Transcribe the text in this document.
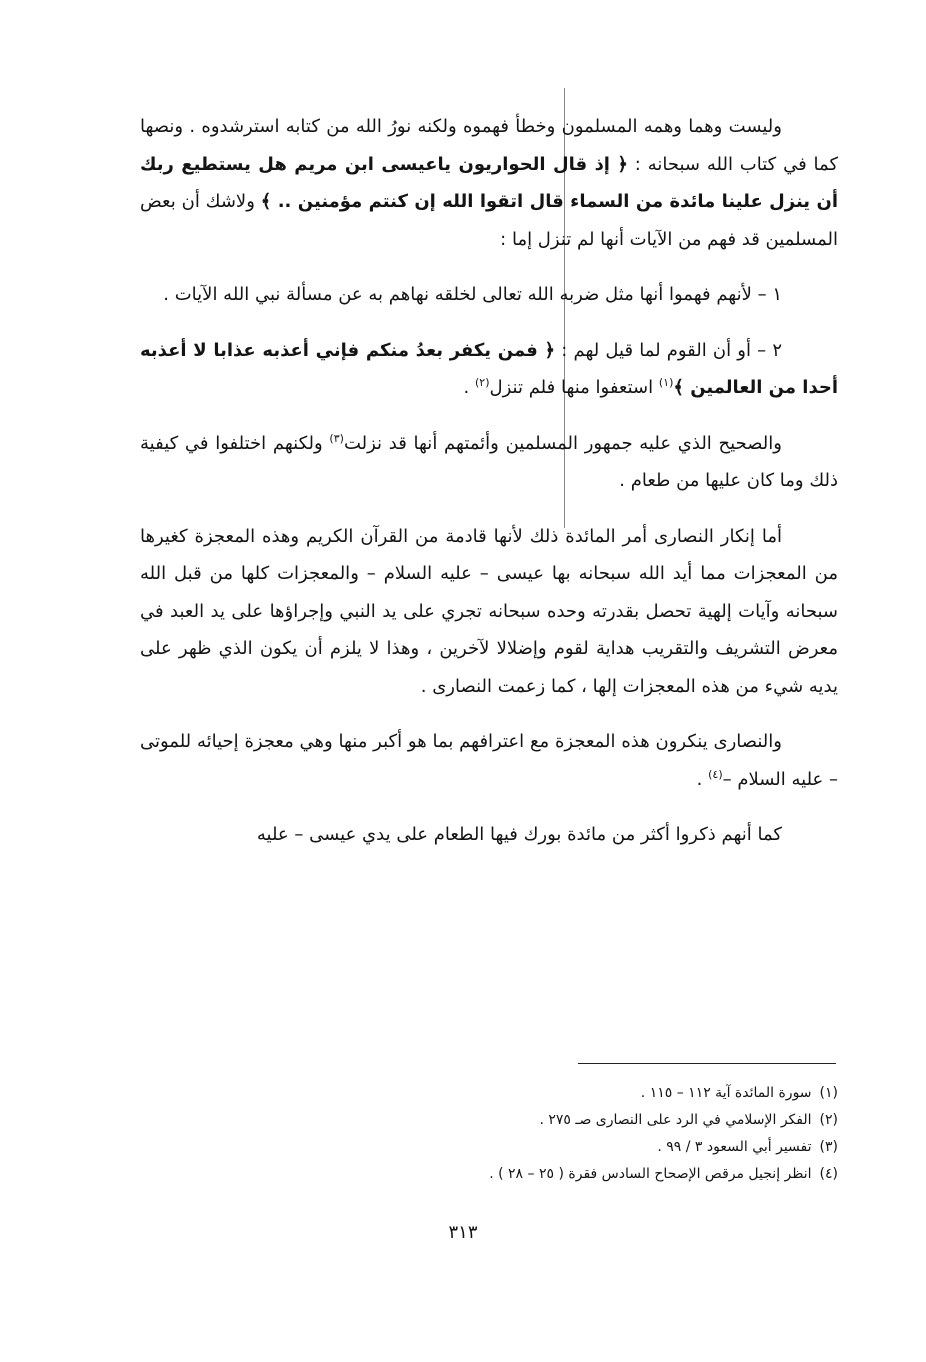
وليست وهما وهمه المسلمون وخطأ فهموه ولكنه نورُ الله من كتابه استرشدوه . ونصها كما في كتاب الله سبحانه : ﴿ إذ قال الحواريون ياعيسى ابن مريم هل يستطيع ربك أن ينزل علينا مائدة من السماء قال اتقوا الله إن كنتم مؤمنين .. ﴾ ولاشك أن بعض المسلمين قد فهم من الآيات أنها لم تنزل إما :

١ – لأنهم فهموا أنها مثل ضربه الله تعالى لخلقه نهاهم به عن مسألة نبي الله الآيات .

٢ – أو أن القوم لما قيل لهم : ﴿ فمن يكفر بعدُ منكم فإني أعذبه عذابا لا أعذبه أحدا من العالمين ﴾$^{(١)}$ استعفوا منها فلم تنزل$^{(٢)}$ .

والصحيح الذي عليه جمهور المسلمين وأئمتهم أنها قد نزلت$^{(٣)}$ ولكنهم اختلفوا في كيفية ذلك وما كان عليها من طعام .

أما إنكار النصارى أمر المائدة ذلك لأنها قادمة من القرآن الكريم وهذه المعجزة كغيرها من المعجزات مما أيد الله سبحانه بها عيسى – عليه السلام – والمعجزات كلها من قبل الله سبحانه وآيات إلهية تحصل بقدرته وحده سبحانه تجري على يد النبي وإجراؤها على يد العبد في معرض التشريف والتقريب هداية لقوم وإضلالا لآخرين ، وهذا لا يلزم أن يكون الذي ظهر على يديه شيء من هذه المعجزات إلها ، كما زعمت النصارى .

والنصارى ينكرون هذه المعجزة مع اعترافهم بما هو أكبر منها وهي معجزة إحيائه للموتى – عليه السلام –$^{(٤)}$ .

كما أنهم ذكروا أكثر من مائدة بورك فيها الطعام على يدي عيسى – عليه

(١)سورة المائدة آية ١١٢ – ١١٥ .
(٢)الفكر الإسلامي في الرد على النصارى صـ ٢٧٥ .
(٣)تفسير أبي السعود ٣ / ٩٩ .
(٤)انظر إنجيل مرقص الإصحاح السادس فقرة ( ٢٥ – ٢٨ ) .
٣١٣
